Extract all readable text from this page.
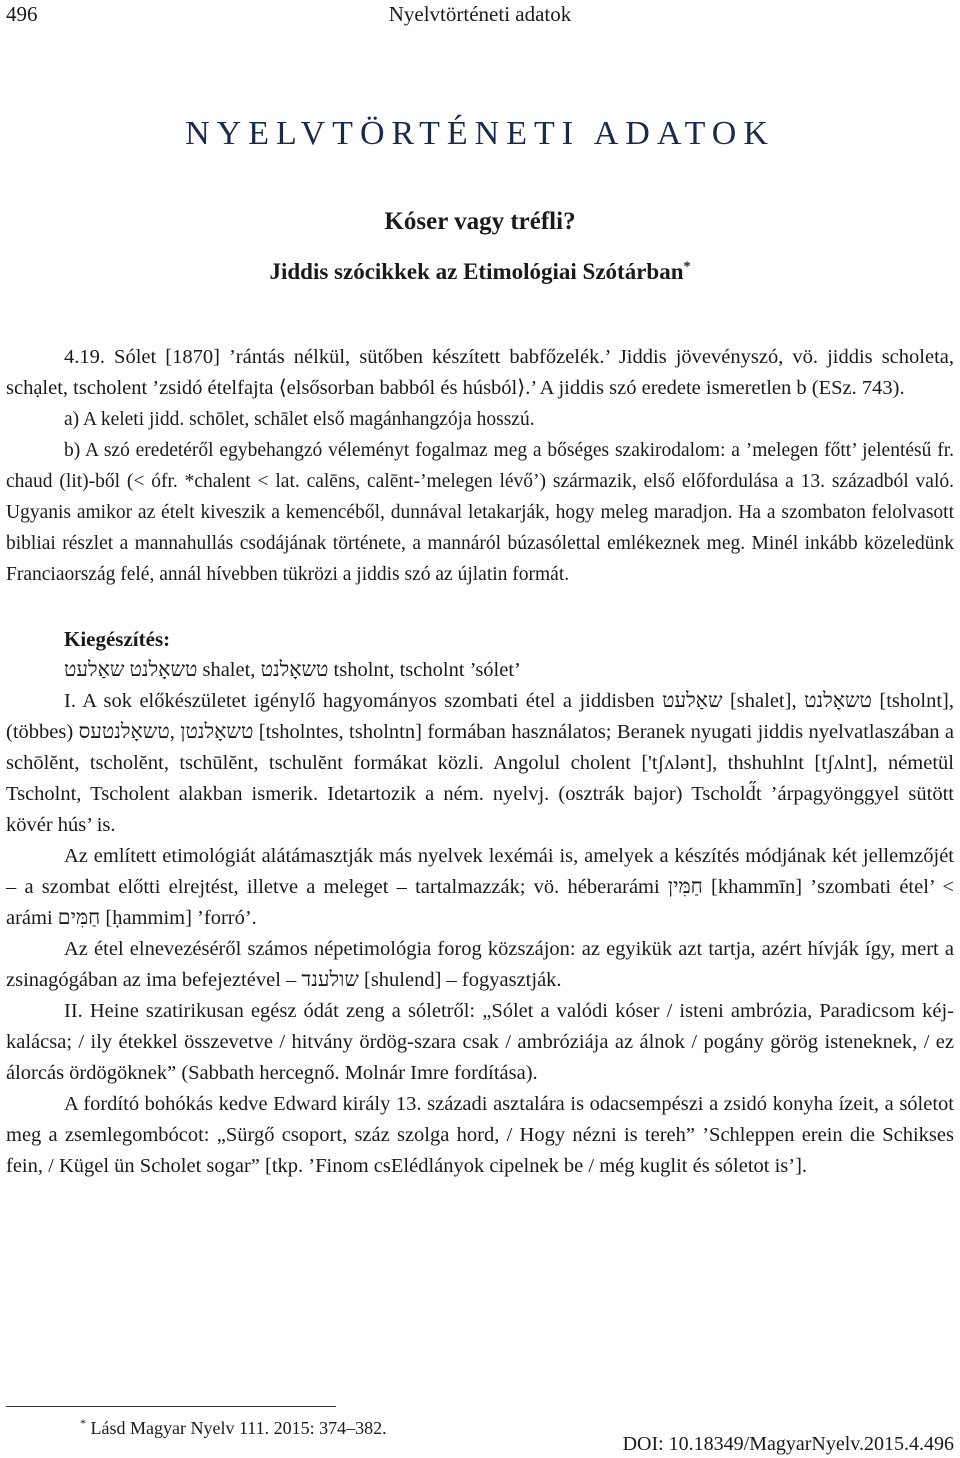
496	Nyelvtörténeti adatok
NYELVTÖRTÉNETI ADATOK
Kóser vagy tréfli?
Jiddis szócikkek az Etimológiai Szótárban*

4.19. Sólet [1870] ’rántás nélkül, sütőben készített babfőzelék.’ Jiddis jövevényszó, vö. jiddis scholeta, schạlet, tscholent ’zsidó ételfajta ⟨elsősorban babból és húsból⟩.’ A jiddis szó eredete ismeretlen b (ESz. 743).

a) A keleti jidd. schōlet, schālet első magánhangzója hosszú.

b) A szó eredetéről egybehangzó véleményt fogalmaz meg a bőséges szakirodalom: a ’melegen főtt’ jelentésű fr. chaud (lit)-ből (< ófr. *chalent < lat. calēns, calēnt-’melegen lévő’) származik, első előfordulása a 13. századból való. Ugyanis amikor az ételt kiveszik a kemencéből, dunnával letakarják, hogy meleg maradjon. Ha a szombaton felolvasott bibliai részlet a mannahullás csodájának története, a mannáról búzasólettal emlékeznek meg. Minél inkább közeledünk Franciaország felé, annál hívebben tükrözi a jiddis szó az újlatin formát.

Kiegészítés:

טשאָלנט שאַלעט shalet, טשאָלנט tsholnt, tscholnt ’sólet’

I. A sok előkészületet igénylő hagyományos szombati étel a jiddisben שאַלעט [shalet], טשאָלנט [tsholnt], (többes) טשאָלנטן ,טשאָלנטעס [tsholntes, tsholntn] formában használatos; Beranek nyugati jiddis nyelvatlaszában a schōlĕnt, tscholĕnt, tschūlĕnt, tschulĕnt formákat közli. Angolul cholent ['tʃʌlənt], thshuhlnt [tʃʌlnt], németül Tscholnt, Tscholent alakban ismerik. Idetartozik a ném. nyelvj. (osztrák bajor) Tschold̋t ’árpagyönggyel sütött kövér hús’ is.

Az említett etimológiát alátámasztják más nyelvek lexémái is, amelyek a készítés módjának két jellemzőjét – a szombat előtti elrejtést, illetve a meleget – tartalmazzák; vö. héberarámi חַמִּין [khammīn] ’szombati étel’ < arámi חַמִּים [ḥammim] ’forró’.

Az étel elnevezéséről számos népetimológia forog közszájon: az egyikük azt tartja, azért hívják így, mert a zsinagógában az ima befejeztével – שולענד [shulend] – fogyasztják.

II. Heine szatirikusan egész ódát zeng a sóletről: „Sólet a valódi kóser / isteni ambrózia, Paradicsom kéj-kalácsa; / ily étekkel összevetve / hitvány ördög-szara csak / ambróziája az álnok / pogány görög isteneknek, / ez álorcás ördögöknek” (Sabbath hercegnő. Molnár Imre fordítása).

A fordító bohókás kedve Edward király 13. századi asztalára is odacsempészi a zsidó konyha ízeit, a sóletot meg a zsemlegombócot: „Sürgő csoport, száz szolga hord, / Hogy nézni is tereh” ’Schleppen erein die Schikses fein, / Kügel ün Scholet sogar” [tkp. ’Finom csElédlányok cipelnek be / még kuglit és sóletot is’].

* Lásd Magyar Nyelv 111. 2015: 374–382.
DOI: 10.18349/MagyarNyelv.2015.4.496
